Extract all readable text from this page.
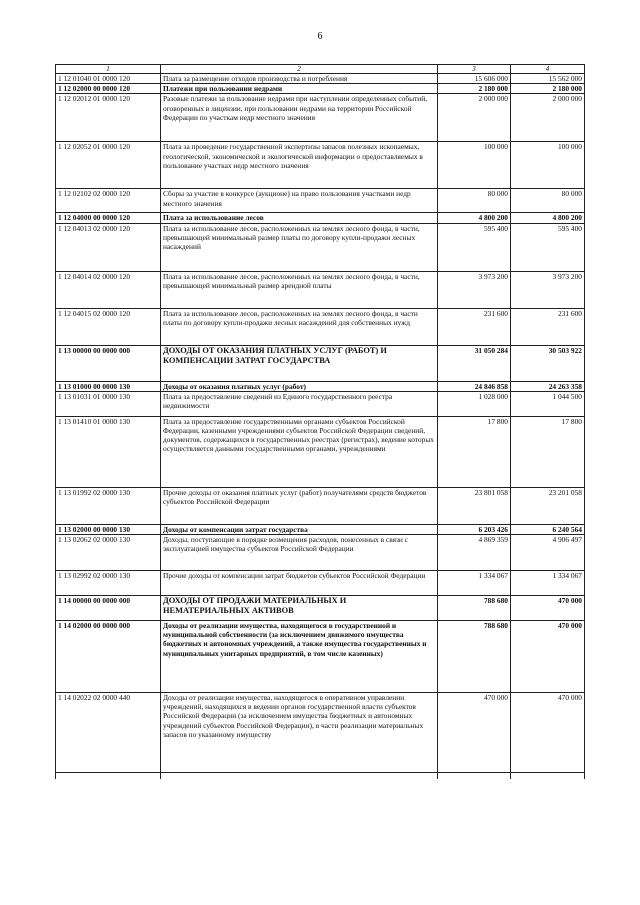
6
1	2	3	4
1 12 01040 01 0000 120	Плата за размещение отходов производства и потребления	15 606 000	15 562 000
1 12 02000 00 0000 120	Платежи при пользовании недрами	2 180 000	2 180 000
1 12 02012 01 0000 120	Разовые платежи за пользование недрами при наступлении определенных событий, оговоренных в лицензии, при пользовании недрами на территории Российской Федерации по участкам недр местного значения	2 000 000	2 000 000
1 12 02052 01 0000 120	Плата за проведение государственной экспертизы запасов полезных ископаемых, геологической, экономической и экологической информации о предоставляемых в пользование участках недр местного значения	100 000	100 000
1 12 02102 02 0000 120	Сборы за участие в конкурсе (аукционе) на право пользования участками недр местного значения	80 000	80 000
1 12 04000 00 0000 120	Плата за использование лесов	4 800 200	4 800 200
1 12 04013 02 0000 120	Плата за использование лесов, расположенных на землях лесного фонда, в части, превышающей минимальный размер платы по договору купли-продажи лесных насаждений	595 400	595 400
1 12 04014 02 0000 120	Плата за использование лесов, расположенных на землях лесного фонда, в части, превышающей минимальный размер арендной платы	3 973 200	3 973 200
1 12 04015 02 0000 120	Плата за использование лесов, расположенных на землях лесного фонда, в части платы по договору купли-продажи лесных насаждений для собственных нужд	231 600	231 600
1 13 00000 00 0000 000	ДОХОДЫ ОТ ОКАЗАНИЯ ПЛАТНЫХ УСЛУГ (РАБОТ) И КОМПЕНСАЦИИ ЗАТРАТ ГОСУДАРСТВА	31 050 284	30 503 922
1 13 01000 00 0000 130	Доходы от оказания платных услуг (работ)	24 846 858	24 263 358
1 13 01031 01 0000 130	Плата за предоставление сведений из Единого государственного реестра недвижимости	1 028 000	1 044 500
1 13 01410 01 0000 130	Плата за предоставление государственными органами субъектов Российской Федерации, казенными учреждениями субъектов Российской Федерации сведений, документов, содержащихся в государственных реестрах (регистрах), ведение которых осуществляется данными государственными органами, учреждениями	17 800	17 800
1 13 01992 02 0000 130	Прочие доходы от оказания платных услуг (работ) получателями средств бюджетов субъектов Российской Федерации	23 801 058	23 201 058
1 13 02000 00 0000 130	Доходы от компенсации затрат государства	6 203 426	6 240 564
1 13 02062 02 0000 130	Доходы, поступающие в порядке возмещения расходов, понесенных в связи с эксплуатацией имущества субъектов Российской Федерации	4 869 359	4 906 497
1 13 02992 02 0000 130	Прочие доходы от компенсации затрат бюджетов субъектов Российской Федерации	1 334 067	1 334 067
1 14 00000 00 0000 000	ДОХОДЫ ОТ ПРОДАЖИ МАТЕРИАЛЬНЫХ И НЕМАТЕРИАЛЬНЫХ АКТИВОВ	788 680	470 000
1 14 02000 00 0000 000	Доходы от реализации имущества, находящегося в государственной и муниципальной собственности (за исключением движимого имущества бюджетных и автономных учреждений, а также имущества государственных и муниципальных унитарных предприятий, в том числе казенных)	788 680	470 000
1 14 02022 02 0000 440	Доходы от реализации имущества, находящегося в оперативном управлении учреждений, находящихся в ведении органов государственной власти субъектов Российской Федерации (за исключением имущества бюджетных и автономных учреждений субъектов Российской Федерации), в части реализации материальных запасов по указанному имуществу	470 000	470 000
